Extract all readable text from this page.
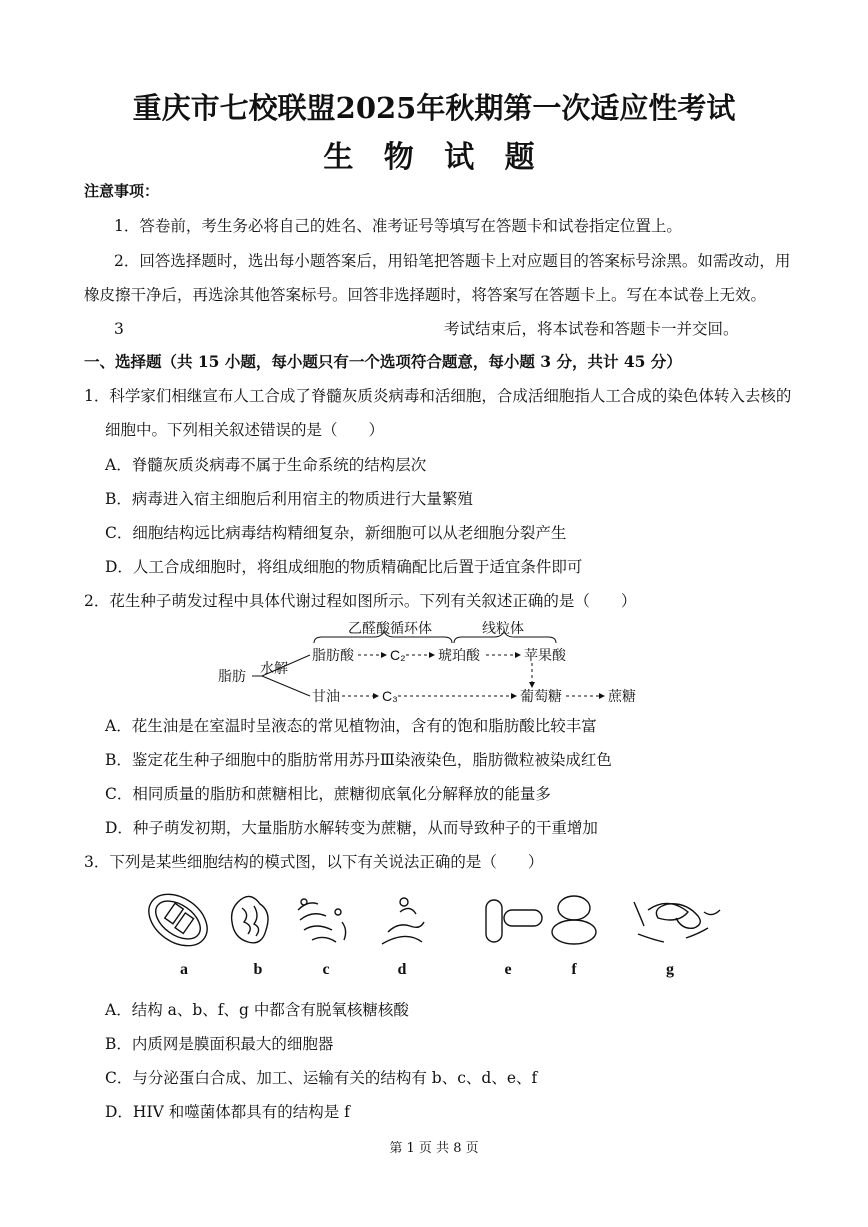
重庆市七校联盟2025年秋期第一次适应性考试
生 物 试 题
注意事项：
1．答卷前，考生务必将自己的姓名、准考证号等填写在答题卡和试卷指定位置上。
2．回答选择题时，选出每小题答案后，用铅笔把答题卡上对应题目的答案标号涂黑。如需改动，用
橡皮擦干净后，再选涂其他答案标号。回答非选择题时，将答案写在答题卡上。写在本试卷上无效。
3	考试结束后，将本试卷和答题卡一并交回。
一、选择题（共 15 小题，每小题只有一个选项符合题意，每小题 3 分，共计 45 分）
1．科学家们相继宣布人工合成了脊髓灰质炎病毒和活细胞，合成活细胞指人工合成的染色体转入去核的
细胞中。下列相关叙述错误的是（　　）
A．脊髓灰质炎病毒不属于生命系统的结构层次
B．病毒进入宿主细胞后利用宿主的物质进行大量繁殖
C．细胞结构远比病毒结构精细复杂，新细胞可以从老细胞分裂产生
D．人工合成细胞时，将组成细胞的物质精确配比后置于适宜条件即可
2．花生种子萌发过程中具体代谢过程如图所示。下列有关叙述正确的是（　　）
乙醛酸循环体	线粒体
脂肪 水解
脂肪酸	C₂ 琥珀酸	苹果酸
甘油	C₃	葡萄糖	蔗糖
A．花生油是在室温时呈液态的常见植物油，含有的饱和脂肪酸比较丰富
B．鉴定花生种子细胞中的脂肪常用苏丹Ⅲ染液染色，脂肪微粒被染成红色
C．相同质量的脂肪和蔗糖相比，蔗糖彻底氧化分解释放的能量多
D．种子萌发初期，大量脂肪水解转变为蔗糖，从而导致种子的干重增加
3．下列是某些细胞结构的模式图，以下有关说法正确的是（　　）
a	b	c	d	e	f	g
A．结构 a、b、f、g 中都含有脱氧核糖核酸
B．内质网是膜面积最大的细胞器
C．与分泌蛋白合成、加工、运输有关的结构有 b、c、d、e、f
D．HIV 和噬菌体都具有的结构是 f
第 1 页 共 8 页
